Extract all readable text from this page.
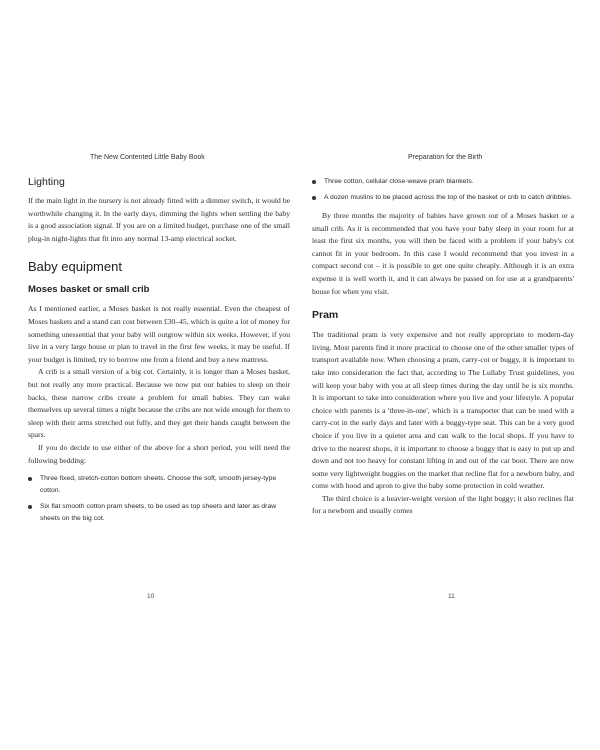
The New Contented Little Baby Book
Lighting

If the main light in the nursery is not already fitted with a dimmer switch, it would be worthwhile changing it. In the early days, dimming the lights when settling the baby is a good association signal. If you are on a limited budget, purchase one of the small plug-in night-lights that fit into any normal 13-amp electrical socket.

Baby equipment
Moses basket or small crib

As I mentioned earlier, a Moses basket is not really essential. Even the cheapest of Moses baskets and a stand can cost between £30–45, which is quite a lot of money for something unessential that your baby will outgrow within six weeks. However, if you live in a very large house or plan to travel in the first few weeks, it may be useful. If your budget is limited, try to borrow one from a friend and buy a new mattress.

A crib is a small version of a big cot. Certainly, it is longer than a Moses basket, but not really any more practical. Because we now put our babies to sleep on their backs, these narrow cribs create a problem for small babies. They can wake themselves up several times a night because the cribs are not wide enough for them to sleep with their arms stretched out fully, and they get their hands caught between the spars.

If you do decide to use either of the above for a short period, you will need the following bedding:

Three fixed, stretch-cotton bottom sheets. Choose the soft, smooth jersey-type cotton.
Six flat smooth cotton pram sheets, to be used as top sheets and later as draw sheets on the big cot.
Preparation for the Birth
Three cotton, cellular close-weave pram blankets.
A dozen muslins to be placed across the top of the basket or crib to catch dribbles.

By three months the majority of babies have grown out of a Moses basket or a small crib. As it is recommended that you have your baby sleep in your room for at least the first six months, you will then be faced with a problem if your baby's cot cannot fit in your bedroom. In this case I would recommend that you invest in a compact second cot – it is possible to get one quite cheaply. Although it is an extra expense it is well worth it, and it can always be passed on for use at a grandparents' house for when you visit.

Pram

The traditional pram is very expensive and not really appropriate to modern-day living. Most parents find it more practical to choose one of the other smaller types of transport available now. When choosing a pram, carry-cot or buggy, it is important to take into consideration the fact that, according to The Lullaby Trust guidelines, you will keep your baby with you at all sleep times during the day until he is six months. It is important to take into consideration where you live and your lifestyle. A popular choice with parents is a 'three-in-one', which is a transporter that can be used with a carry-cot in the early days and later with a buggy-type seat. This can be a very good choice if you live in a quieter area and can walk to the local shops. If you have to drive to the nearest shops, it is important to choose a buggy that is easy to put up and down and not too heavy for constant lifting in and out of the car boot. There are now some very lightweight buggies on the market that recline flat for a newborn baby, and come with hood and apron to give the baby some protection in cold weather.

The third choice is a heavier-weight version of the light buggy; it also reclines flat for a newborn and usually comes

10	11
